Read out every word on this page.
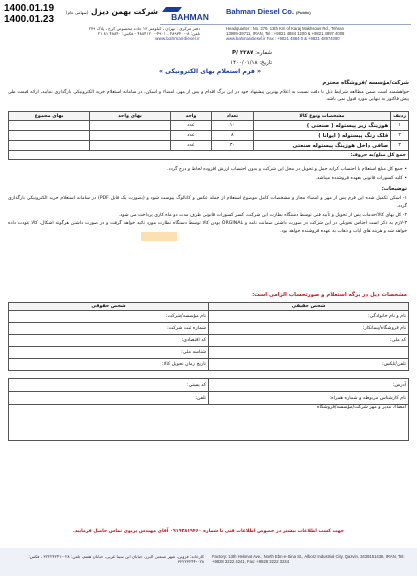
1400.01.19
1400.01.23
شرکت بهمن دیزل (سهامی عام)	BAHMAN
Bahman Diesel Co. (Public)
دفتر مرکزی : تهران ، کیلومتر ۱۳ جاده مخصوص کرج ، پلاک ۲۷۹
تلفن: ۸-۴۸۹۷۴۰۰ ، ۴۹۰۱-۴۸۸۴۱۲۰۰ - فکس: ۴۸۸۴۰ ۸۱ ۲۱
www.bahmandiesel.ir
Headquarter : No. 279, 13th Km of Karaj Makhsous Rd., Tehran
13999-39711, IRAN, Tel : +9821 4884 1200 & +9821 4897 4008
www.bahmandiesel.ir Fax : +9821 4884 0 & +9821 48974090
شماره: P/ ۲۲۸۷
تاریخ: ۱۴۰۰/۰۱/۱۸
« فرم استعلام بهای الکترونیکی »
شرکت/مؤسسه /فروشگاه محترم
خواهشمند است ضمن مطالعه شرایط ذیل با دقت نسبت به اعلام بهترین پیشنهاد خود در این برگ اقدام و پس از مهر، امضاء و اسکن، در سامانه استعلام خرید الکترونیکی بارگذاری نمایید، ارائه قیمت طی پیش فاکتور به تنهایی مورد قبول نمی باشد.
ردیف	مشخصات ونوع کالا	تعداد	واحد	بهای واحد	بهای مجموع
۱	هوزینگ زیر پیستوله ( صنعتی )	۱۰	عدد		
۲	قلک رنگ پیستوله ( ایوانا )	۸	عدد		
۳	صافی داخل هوزینگ پیستوله صنعتی	۳۰	عدد		
جمع کل مبلغ/به حروف:					
• جمع کل مبلغ استعلام با احتساب کرایه حمل و تحویل در محل این شرکت و بدون احتساب ارزش افزوده لحاظ و درج گردد.
• کلیه کسورات قانونی بعهده فروشنده میباشد.
توضیحات:
۱- اسکن تکمیل شده این فرم پس از مهر و امضاء مجاز و مشخصات کامل موضوع استعلام از جمله عکس و کاتالوگ پیوست شود و (بصورت یک فایل PDF) در سامانه استعلام خرید الکترونیکی بارگذاری گردد.
۲- کل بهای کالا/خدمات پس از تحویل و تأیید فنی توسط دستگاه نظارت این شرکت، کسر کسورات قانونی ظرف مدت دو ماه کاری پرداخت می شود.
۳-لازم به ذکر است اجناس تحویلی در این شرکت در صورت داشتن ضمانت نامه و ORGINAL بودن کالا توسط دستگاه نظارت مورد تائید خواهد گرفت و در صورت داشتن هرگونه اشکال، کالا عودت داده خواهد شد و هزینه های ایاب و ذهاب به عهده فروشنده خواهد بود.
مشخصات ذیل در برگه استعلام و صورتحساب الزامی است:
شخص حقیقی	شخص حقوقی
نام و نام خانوادگی:	نام مؤسسه/شرکت:
نام فروشگاه/پیمانکار:	شماره ثبت شرکت:
کد ملی:	کد اقتصادی:
	شناسه ملی:
تلفن/تلکس:	تاریخ زمان تحویل کالا:
آدرس:	کد پستی:
نام کارشناس مربوطه و شماره همراه:	تلفن:
امضاء، مدیر و مهر شرکت/مؤسسه/فروشگاه	
جهت کسب اطلاعات بیشتر در خصوص اطلاعات فنی با شماره ۰۹۱۹۳۸۱۹۴۶۰ آقای مهندس پزیوی تماس حاصل فرمایید.
کارخانه: قزوین، شهر صنعتی البرز، خیابان ابن سینا غربی، خیابان هفتم، تلفن: ۰۲۸-۳۲۲۲۴۲۴۱ ، فکس: ۰۲۸-۳۲۲۲۳۲۴۴
Factory: 13th Hekmat Ave., North Ebn-e-Sina St., Alborz Industrial City, Qazvin, 3439151436, IRAN, Tel: +9828 3222 4241, Fax: +9828 3222 3244
